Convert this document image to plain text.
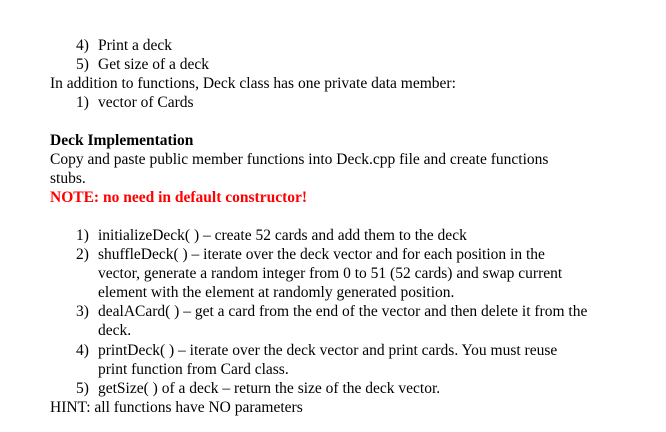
4) Print a deck
5) Get size of a deck
In addition to functions, Deck class has one private data member:
1) vector of Cards
Deck Implementation
Copy and paste public member functions into Deck.cpp file and create functions
stubs.
NOTE: no need in default constructor!
1) initializeDeck( ) – create 52 cards and add them to the deck
2) shuffleDeck( ) – iterate over the deck vector and for each position in the
vector, generate a random integer from 0 to 51 (52 cards) and swap current
element with the element at randomly generated position.
3) dealACard( ) – get a card from the end of the vector and then delete it from the
deck.
4) printDeck( ) – iterate over the deck vector and print cards. You must reuse
print function from Card class.
5) getSize( ) of a deck – return the size of the deck vector.
HINT: all functions have NO parameters
